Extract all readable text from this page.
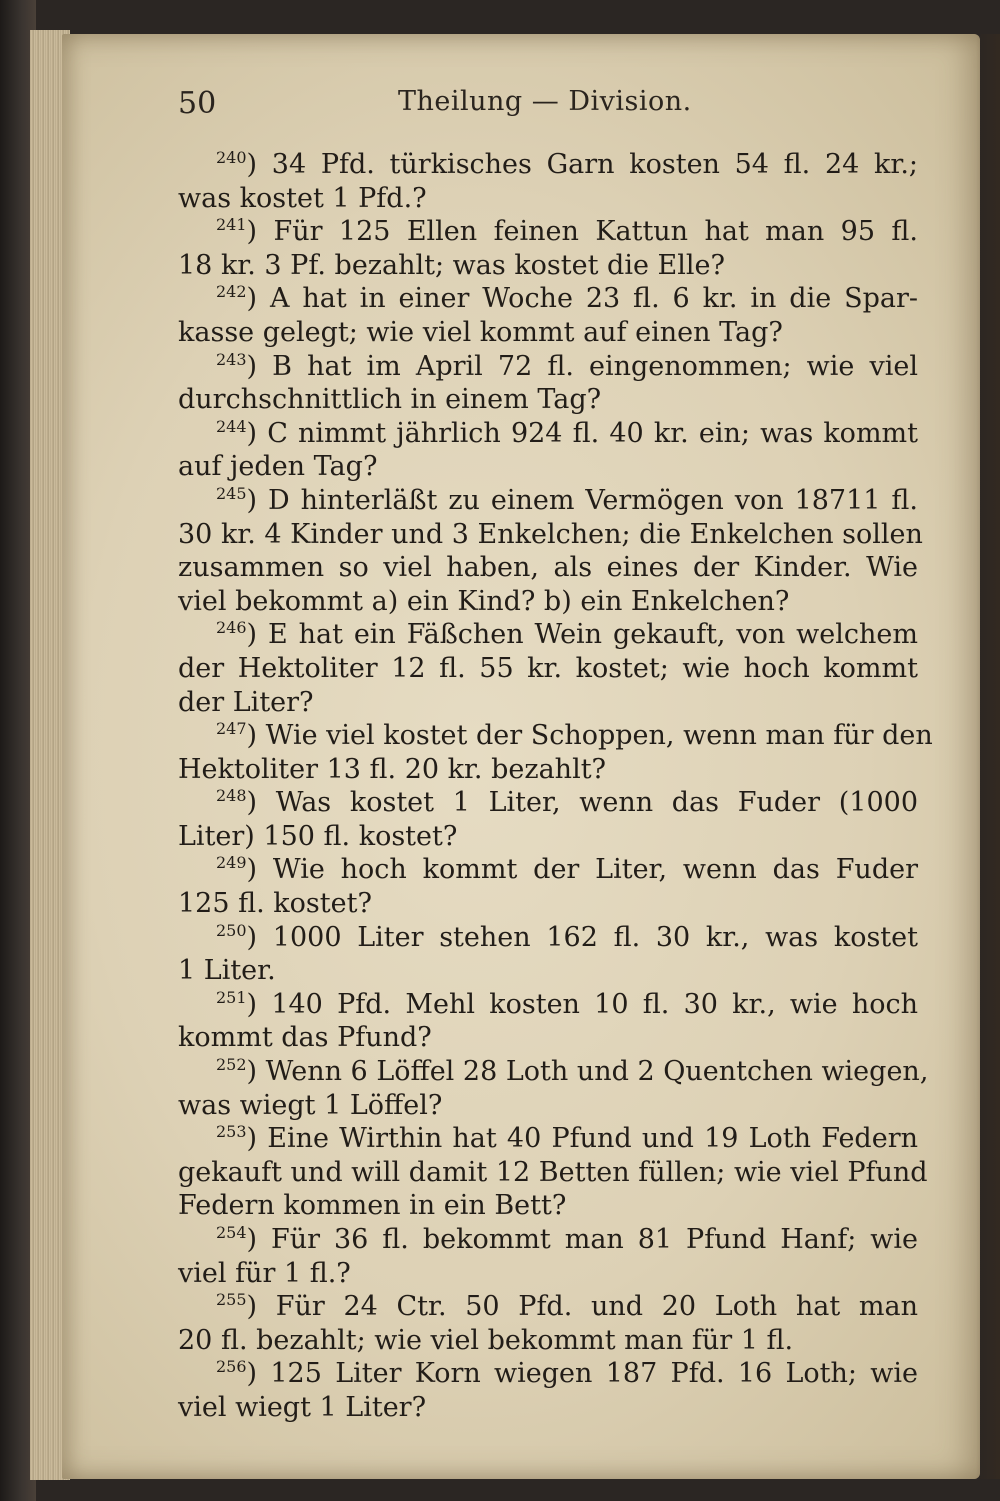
50	Theilung — Division.
$^{240}$) 34 Pfd. türkisches Garn kosten 54 fl. 24 kr.;
was kostet 1 Pfd.?
$^{241}$) Für 125 Ellen feinen Kattun hat man 95 fl.
18 kr. 3 Pf. bezahlt; was kostet die Elle?
$^{242}$) A hat in einer Woche 23 fl. 6 kr. in die Spar-
kasse gelegt; wie viel kommt auf einen Tag?
$^{243}$) B hat im April 72 fl. eingenommen; wie viel
durchschnittlich in einem Tag?
$^{244}$) C nimmt jährlich 924 fl. 40 kr. ein; was kommt
auf jeden Tag?
$^{245}$) D hinterläßt zu einem Vermögen von 18711 fl.
30 kr. 4 Kinder und 3 Enkelchen; die Enkelchen sollen
zusammen so viel haben, als eines der Kinder. Wie
viel bekommt a) ein Kind? b) ein Enkelchen?
$^{246}$) E hat ein Fäßchen Wein gekauft, von welchem
der Hektoliter 12 fl. 55 kr. kostet; wie hoch kommt
der Liter?
$^{247}$) Wie viel kostet der Schoppen, wenn man für den
Hektoliter 13 fl. 20 kr. bezahlt?
$^{248}$) Was kostet 1 Liter, wenn das Fuder (1000
Liter) 150 fl. kostet?
$^{249}$) Wie hoch kommt der Liter, wenn das Fuder
125 fl. kostet?
$^{250}$) 1000 Liter stehen 162 fl. 30 kr., was kostet
1 Liter.
$^{251}$) 140 Pfd. Mehl kosten 10 fl. 30 kr., wie hoch
kommt das Pfund?
$^{252}$) Wenn 6 Löffel 28 Loth und 2 Quentchen wiegen,
was wiegt 1 Löffel?
$^{253}$) Eine Wirthin hat 40 Pfund und 19 Loth Federn
gekauft und will damit 12 Betten füllen; wie viel Pfund
Federn kommen in ein Bett?
$^{254}$) Für 36 fl. bekommt man 81 Pfund Hanf; wie
viel für 1 fl.?
$^{255}$) Für 24 Ctr. 50 Pfd. und 20 Loth hat man
20 fl. bezahlt; wie viel bekommt man für 1 fl.
$^{256}$) 125 Liter Korn wiegen 187 Pfd. 16 Loth; wie
viel wiegt 1 Liter?
